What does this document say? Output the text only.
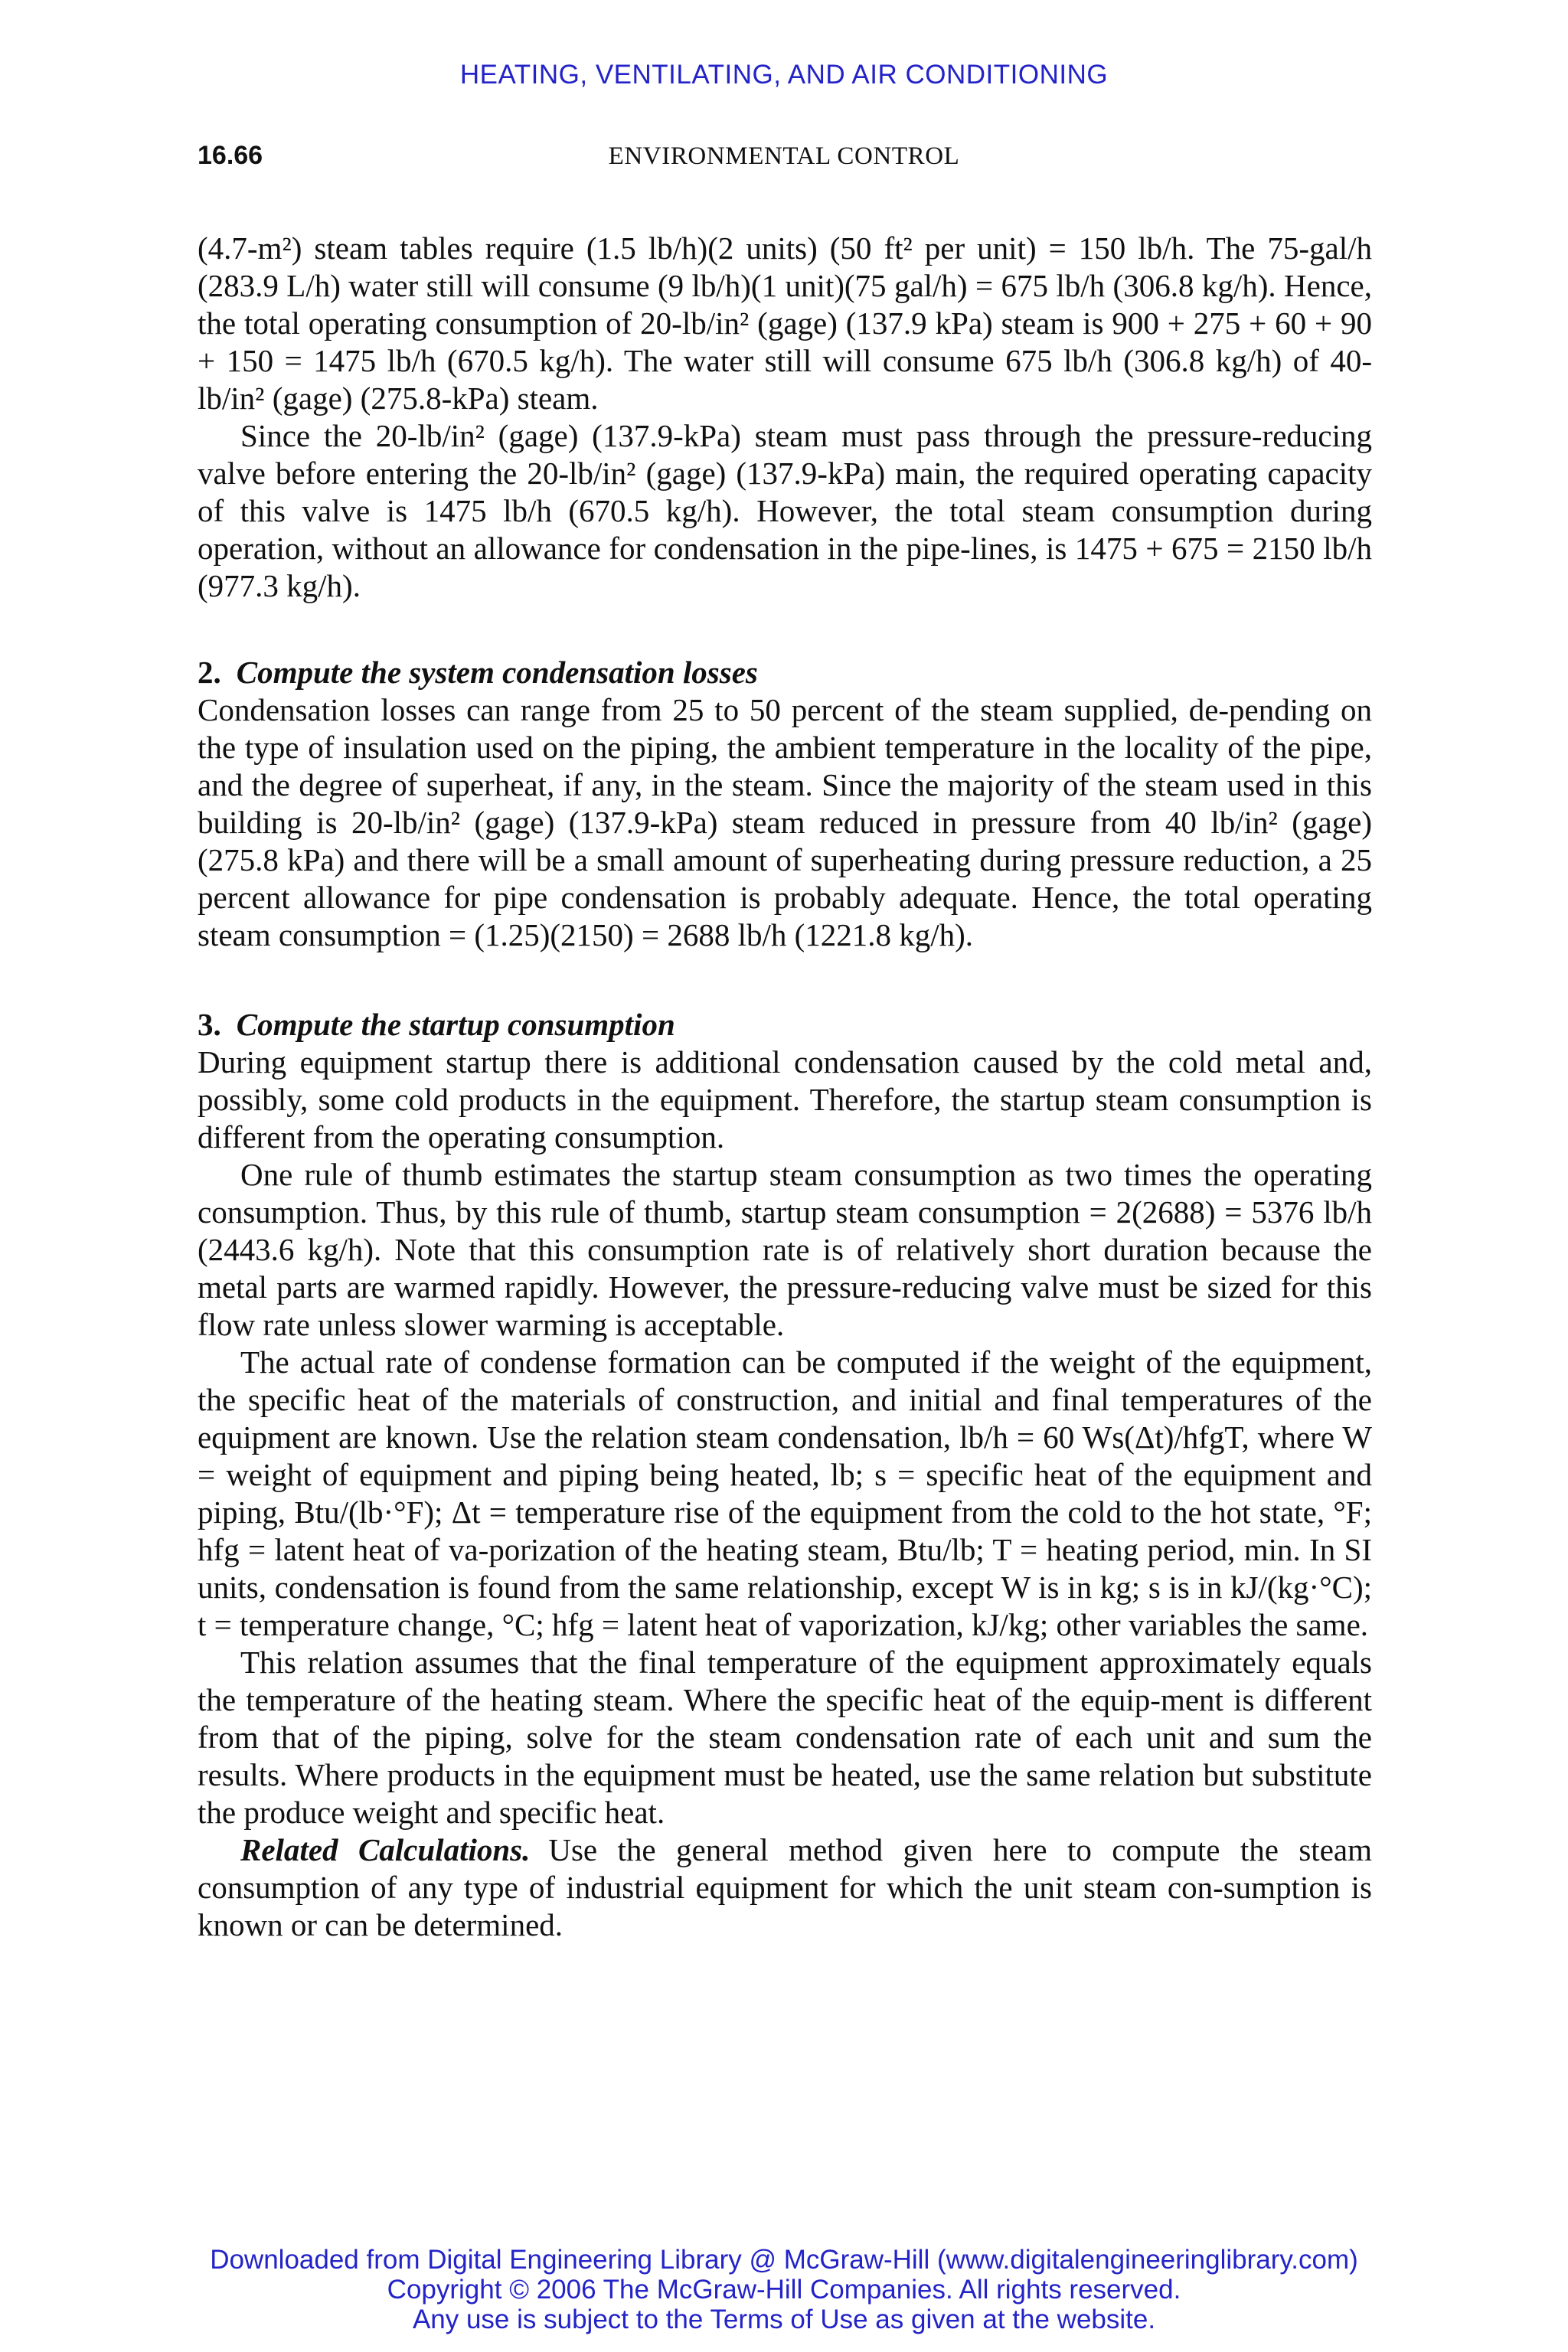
HEATING, VENTILATING, AND AIR CONDITIONING
16.66	ENVIRONMENTAL CONTROL

(4.7-m²) steam tables require (1.5 lb/h)(2 units) (50 ft² per unit) = 150 lb/h. The 75-gal/h (283.9 L/h) water still will consume (9 lb/h)(1 unit)(75 gal/h) = 675 lb/h (306.8 kg/h). Hence, the total operating consumption of 20-lb/in² (gage) (137.9 kPa) steam is 900 + 275 + 60 + 90 + 150 = 1475 lb/h (670.5 kg/h). The water still will consume 675 lb/h (306.8 kg/h) of 40-lb/in² (gage) (275.8-kPa) steam.

Since the 20-lb/in² (gage) (137.9-kPa) steam must pass through the pressure-reducing valve before entering the 20-lb/in² (gage) (137.9-kPa) main, the required operating capacity of this valve is 1475 lb/h (670.5 kg/h). However, the total steam consumption during operation, without an allowance for condensation in the pipe-lines, is 1475 + 675 = 2150 lb/h (977.3 kg/h).

2. Compute the system condensation losses

Condensation losses can range from 25 to 50 percent of the steam supplied, de-pending on the type of insulation used on the piping, the ambient temperature in the locality of the pipe, and the degree of superheat, if any, in the steam. Since the majority of the steam used in this building is 20-lb/in² (gage) (137.9-kPa) steam reduced in pressure from 40 lb/in² (gage) (275.8 kPa) and there will be a small amount of superheating during pressure reduction, a 25 percent allowance for pipe condensation is probably adequate. Hence, the total operating steam consumption = (1.25)(2150) = 2688 lb/h (1221.8 kg/h).

3. Compute the startup consumption

During equipment startup there is additional condensation caused by the cold metal and, possibly, some cold products in the equipment. Therefore, the startup steam consumption is different from the operating consumption.

One rule of thumb estimates the startup steam consumption as two times the operating consumption. Thus, by this rule of thumb, startup steam consumption = 2(2688) = 5376 lb/h (2443.6 kg/h). Note that this consumption rate is of relatively short duration because the metal parts are warmed rapidly. However, the pressure-reducing valve must be sized for this flow rate unless slower warming is acceptable.

The actual rate of condense formation can be computed if the weight of the equipment, the specific heat of the materials of construction, and initial and final temperatures of the equipment are known. Use the relation steam condensation, lb/h = 60 Ws(Δt)/hfgT, where W = weight of equipment and piping being heated, lb; s = specific heat of the equipment and piping, Btu/(lb·°F); Δt = temperature rise of the equipment from the cold to the hot state, °F; hfg = latent heat of va-porization of the heating steam, Btu/lb; T = heating period, min. In SI units, condensation is found from the same relationship, except W is in kg; s is in kJ/(kg·°C); t = temperature change, °C; hfg = latent heat of vaporization, kJ/kg; other variables the same.

This relation assumes that the final temperature of the equipment approximately equals the temperature of the heating steam. Where the specific heat of the equip-ment is different from that of the piping, solve for the steam condensation rate of each unit and sum the results. Where products in the equipment must be heated, use the same relation but substitute the produce weight and specific heat.

Related Calculations. Use the general method given here to compute the steam consumption of any type of industrial equipment for which the unit steam con-sumption is known or can be determined.

Downloaded from Digital Engineering Library @ McGraw-Hill (www.digitalengineeringlibrary.com)
Copyright © 2006 The McGraw-Hill Companies. All rights reserved.
Any use is subject to the Terms of Use as given at the website.
